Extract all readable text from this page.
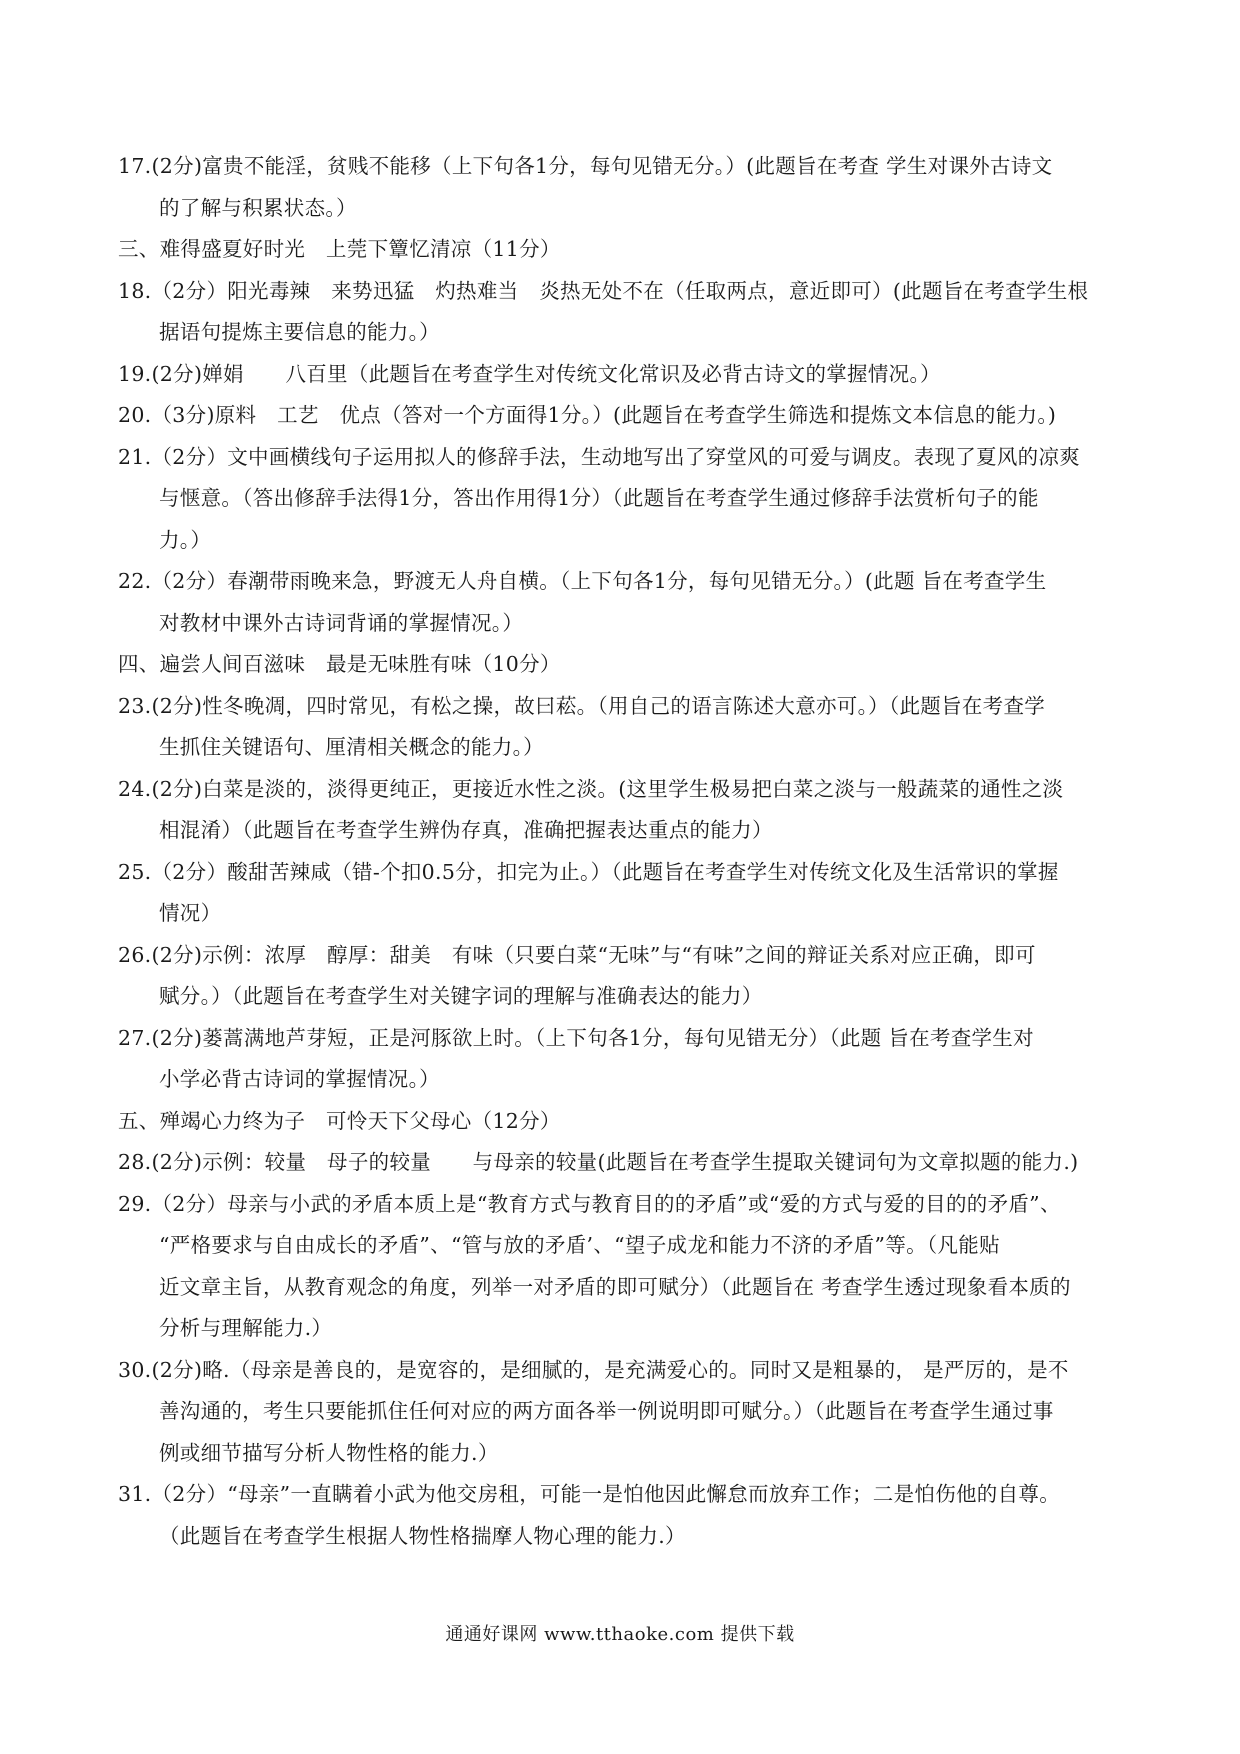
17.(2分)富贵不能淫，贫贱不能移（上下句各1分，每句见错无分。）(此题旨在考查 学生对课外古诗文
的了解与积累状态。）
三、难得盛夏好时光　上莞下簟忆清凉（11分）
18.（2分）阳光毒辣　来势迅猛　灼热难当　炎热无处不在（任取两点，意近即可）(此题旨在考查学生根
据语句提炼主要信息的能力。）
19.(2分)婵娟　　八百里（此题旨在考查学生对传统文化常识及必背古诗文的掌握情况。）
20.（3分)原料　工艺　优点（答对一个方面得1分。）(此题旨在考查学生筛选和提炼文本信息的能力。)
21.（2分）文中画横线句子运用拟人的修辞手法，生动地写出了穿堂风的可爱与调皮。表现了夏风的凉爽
与惬意。（答出修辞手法得1分，答出作用得1分）（此题旨在考查学生通过修辞手法赏析句子的能
力。）
22.（2分）春潮带雨晚来急，野渡无人舟自横。（上下句各1分，每句见错无分。）(此题 旨在考查学生
对教材中课外古诗词背诵的掌握情况。）
四、遍尝人间百滋味　最是无味胜有味（10分）
23.(2分)性冬晚凋，四时常见，有松之操，故曰菘。（用自己的语言陈述大意亦可。）（此题旨在考查学
生抓住关键语句、厘清相关概念的能力。）
24.(2分)白菜是淡的，淡得更纯正，更接近水性之淡。(这里学生极易把白菜之淡与一般蔬菜的通性之淡
相混淆）（此题旨在考查学生辨伪存真，准确把握表达重点的能力）
25.（2分）酸甜苦辣咸（错-个扣0.5分，扣完为止。）（此题旨在考查学生对传统文化及生活常识的掌握
情况）
26.(2分)示例：浓厚　醇厚：甜美　有味（只要白菜“无味”与“有味”之间的辩证关系对应正确，即可
赋分。）（此题旨在考查学生对关键字词的理解与准确表达的能力）
27.(2分)蒌蒿满地芦芽短，正是河豚欲上时。（上下句各1分，每句见错无分）（此题 旨在考查学生对
小学必背古诗词的掌握情况。）
五、殚竭心力终为子　可怜天下父母心（12分）
28.(2分)示例：较量　母子的较量　　与母亲的较量(此题旨在考查学生提取关键词句为文章拟题的能力.)
29.（2分）母亲与小武的矛盾本质上是“教育方式与教育目的的矛盾”或“爱的方式与爱的目的的矛盾”、
“严格要求与自由成长的矛盾”、“管与放的矛盾’、“望子成龙和能力不济的矛盾”等。（凡能贴
近文章主旨，从教育观念的角度，列举一对矛盾的即可赋分）（此题旨在 考查学生透过现象看本质的
分析与理解能力.）
30.(2分)略.（母亲是善良的，是宽容的，是细腻的，是充满爱心的。同时又是粗暴的， 是严厉的，是不
善沟通的，考生只要能抓住任何对应的两方面各举一例说明即可赋分。）（此题旨在考查学生通过事
例或细节描写分析人物性格的能力.）
31.（2分）“母亲”一直瞒着小武为他交房租，可能一是怕他因此懈怠而放弃工作；二是怕伤他的自尊。
（此题旨在考查学生根据人物性格揣摩人物心理的能力.）
通通好课网 www.tthaoke.com 提供下载
